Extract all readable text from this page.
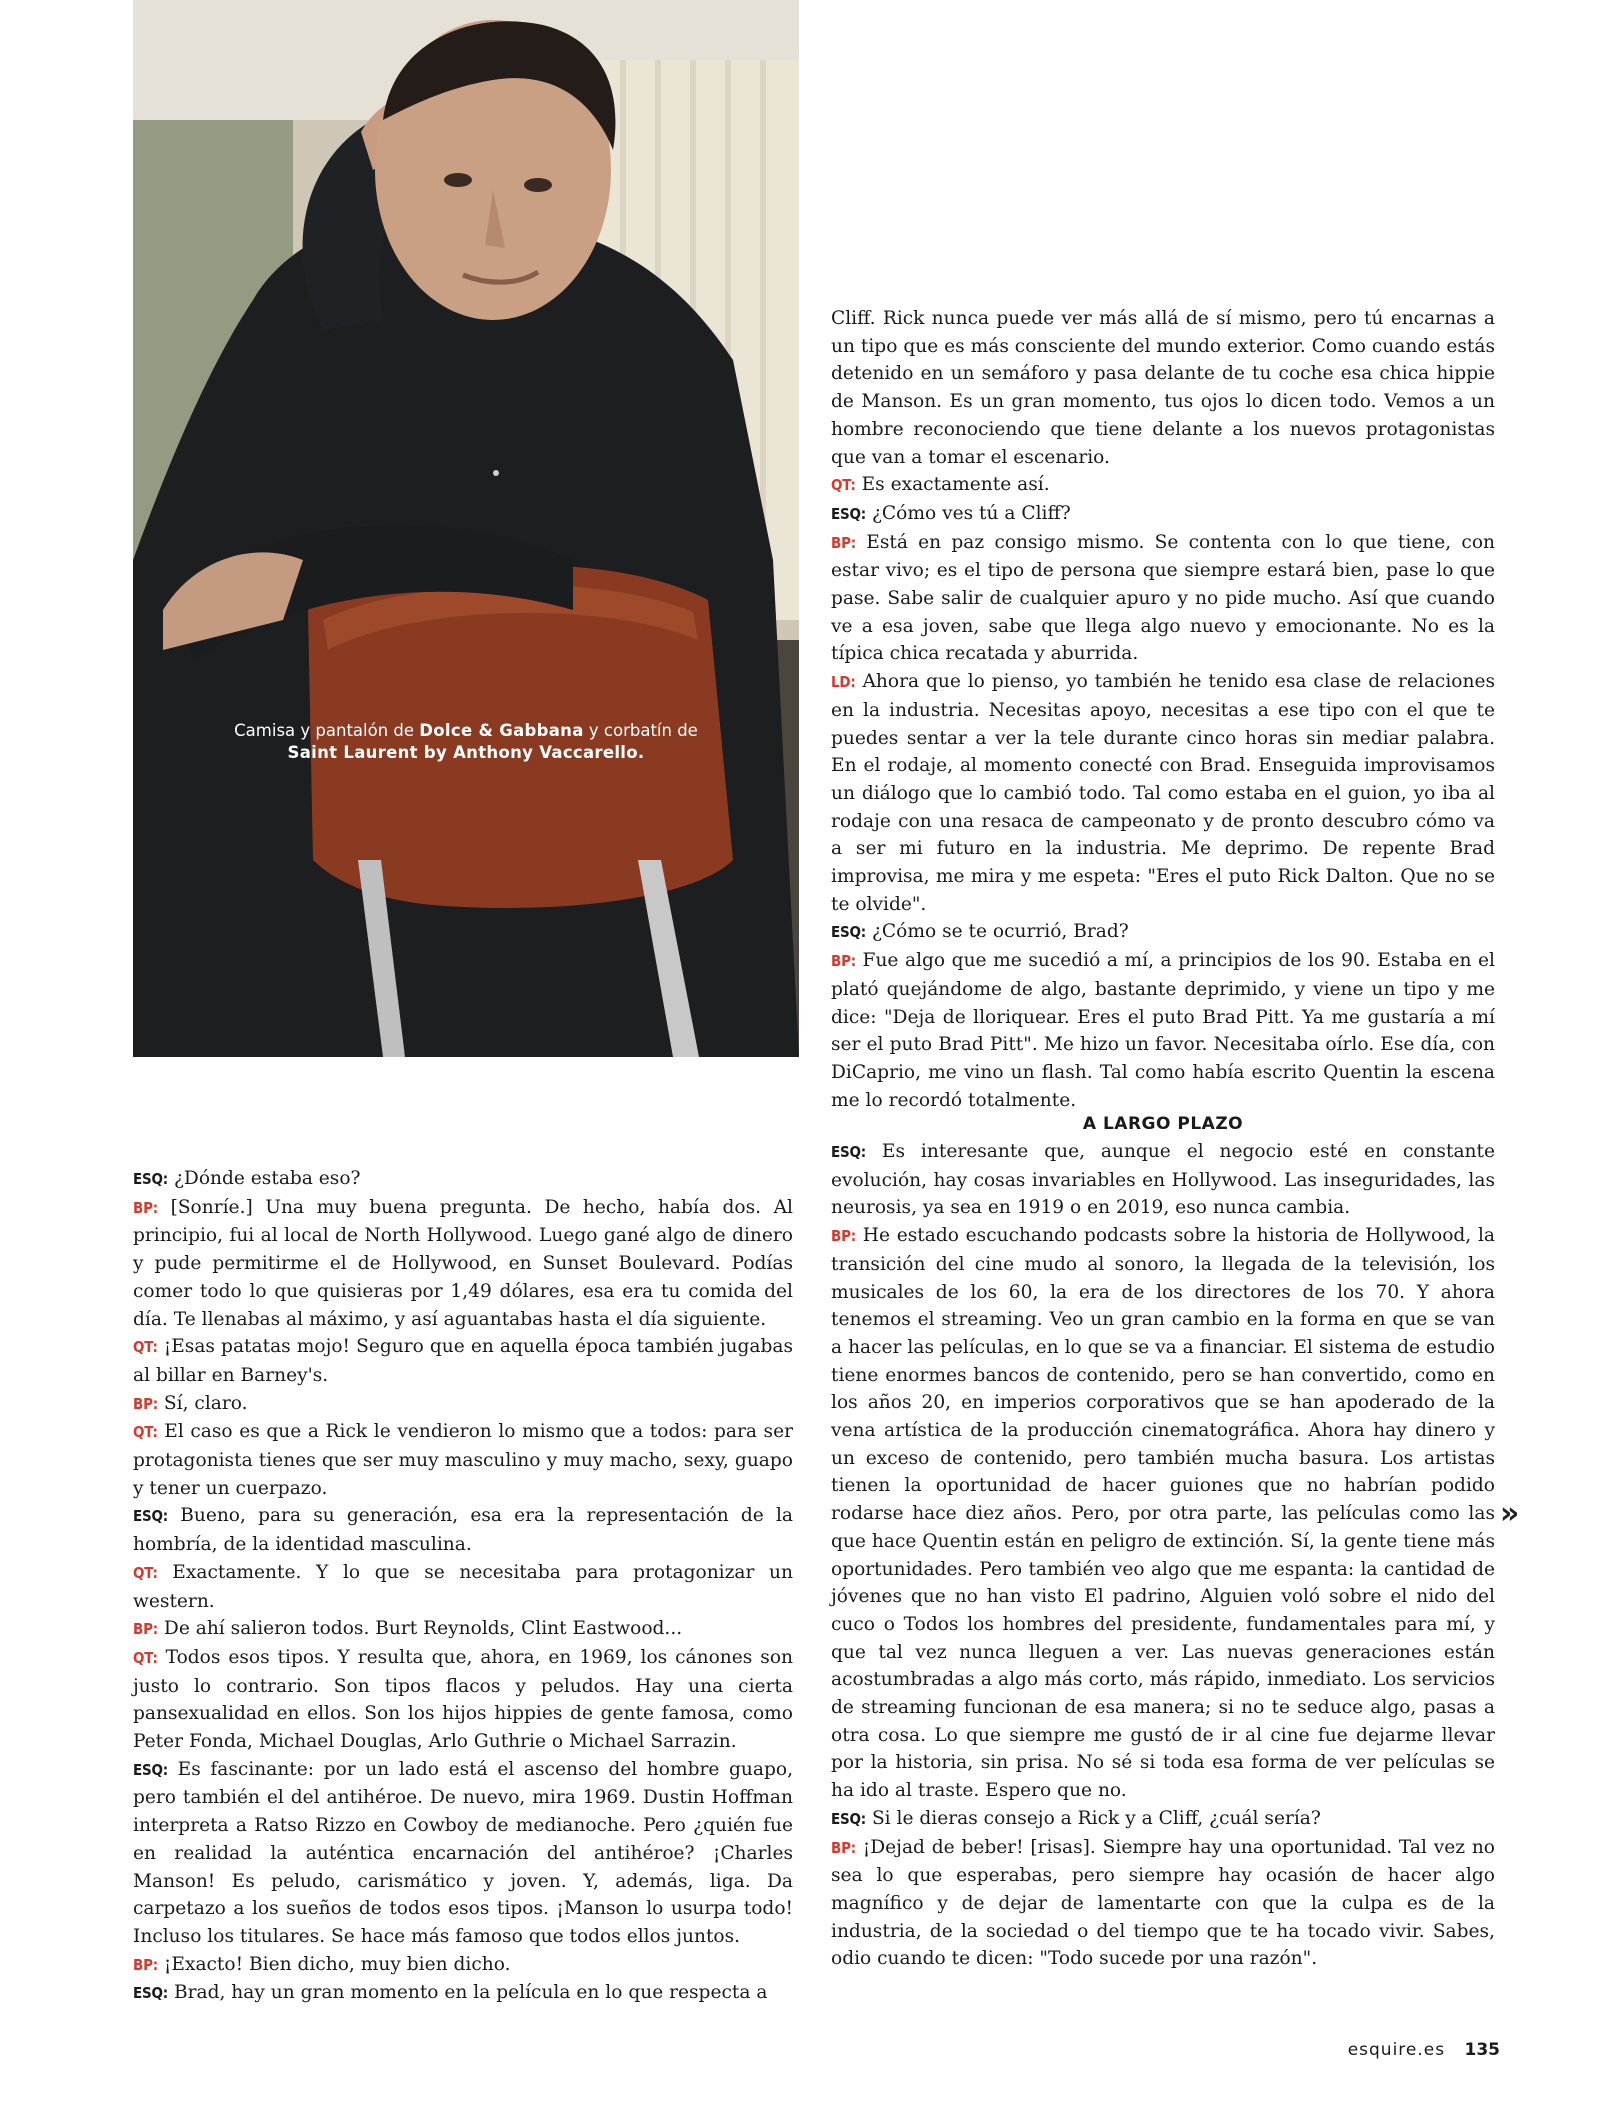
Camisa y pantalón de Dolce & Gabbana y corbatín de
Saint Laurent by Anthony Vaccarello.

ESQ: ¿Dónde estaba eso?

BP: [Sonríe.] Una muy buena pregunta. De hecho, había dos. Al principio, fui al local de North Hollywood. Luego gané algo de dinero y pude permitirme el de Hollywood, en Sunset Boulevard. Podías comer todo lo que quisieras por 1,49 dólares, esa era tu comida del día. Te llenabas al máximo, y así aguantabas hasta el día siguiente.

QT: ¡Esas patatas mojo! Seguro que en aquella época también jugabas al billar en Barney's.

BP: Sí, claro.

QT: El caso es que a Rick le vendieron lo mismo que a todos: para ser protagonista tienes que ser muy masculino y muy macho, sexy, guapo y tener un cuerpazo.

ESQ: Bueno, para su generación, esa era la representación de la hombría, de la identidad masculina.

QT: Exactamente. Y lo que se necesitaba para protagonizar un western.

BP: De ahí salieron todos. Burt Reynolds, Clint Eastwood...

QT: Todos esos tipos. Y resulta que, ahora, en 1969, los cánones son justo lo contrario. Son tipos flacos y peludos. Hay una cierta pansexualidad en ellos. Son los hijos hippies de gente famosa, como Peter Fonda, Michael Douglas, Arlo Guthrie o Michael Sarrazin.

ESQ: Es fascinante: por un lado está el ascenso del hombre guapo, pero también el del antihéroe. De nuevo, mira 1969. Dustin Hoffman interpreta a Ratso Rizzo en Cowboy de medianoche. Pero ¿quién fue en realidad la auténtica encarnación del antihéroe? ¡Charles Manson! Es peludo, carismático y joven. Y, además, liga. Da carpetazo a los sueños de todos esos tipos. ¡Manson lo usurpa todo! Incluso los titulares. Se hace más famoso que todos ellos juntos.

BP: ¡Exacto! Bien dicho, muy bien dicho.

ESQ: Brad, hay un gran momento en la película en lo que respecta a

Cliff. Rick nunca puede ver más allá de sí mismo, pero tú encarnas a un tipo que es más consciente del mundo exterior. Como cuando estás detenido en un semáforo y pasa delante de tu coche esa chica hippie de Manson. Es un gran momento, tus ojos lo dicen todo. Vemos a un hombre reconociendo que tiene delante a los nuevos protagonistas que van a tomar el escenario.

QT: Es exactamente así.

ESQ: ¿Cómo ves tú a Cliff?

BP: Está en paz consigo mismo. Se contenta con lo que tiene, con estar vivo; es el tipo de persona que siempre estará bien, pase lo que pase. Sabe salir de cualquier apuro y no pide mucho. Así que cuando ve a esa joven, sabe que llega algo nuevo y emocionante. No es la típica chica recatada y aburrida.

LD: Ahora que lo pienso, yo también he tenido esa clase de relaciones en la industria. Necesitas apoyo, necesitas a ese tipo con el que te puedes sentar a ver la tele durante cinco horas sin mediar palabra. En el rodaje, al momento conecté con Brad. Enseguida improvisamos un diálogo que lo cambió todo. Tal como estaba en el guion, yo iba al rodaje con una resaca de campeonato y de pronto descubro cómo va a ser mi futuro en la industria. Me deprimo. De repente Brad improvisa, me mira y me espeta: "Eres el puto Rick Dalton. Que no se te olvide".

ESQ: ¿Cómo se te ocurrió, Brad?

BP: Fue algo que me sucedió a mí, a principios de los 90. Estaba en el plató quejándome de algo, bastante deprimido, y viene un tipo y me dice: "Deja de lloriquear. Eres el puto Brad Pitt. Ya me gustaría a mí ser el puto Brad Pitt". Me hizo un favor. Necesitaba oírlo. Ese día, con DiCaprio, me vino un flash. Tal como había escrito Quentin la escena me lo recordó totalmente.

A LARGO PLAZO

ESQ: Es interesante que, aunque el negocio esté en constante evolución, hay cosas invariables en Hollywood. Las inseguridades, las neurosis, ya sea en 1919 o en 2019, eso nunca cambia.

BP: He estado escuchando podcasts sobre la historia de Hollywood, la transición del cine mudo al sonoro, la llegada de la televisión, los musicales de los 60, la era de los directores de los 70. Y ahora tenemos el streaming. Veo un gran cambio en la forma en que se van a hacer las películas, en lo que se va a financiar. El sistema de estudio tiene enormes bancos de contenido, pero se han convertido, como en los años 20, en imperios corporativos que se han apoderado de la vena artística de la producción cinematográfica. Ahora hay dinero y un exceso de contenido, pero también mucha basura. Los artistas tienen la oportunidad de hacer guiones que no habrían podido rodarse hace diez años. Pero, por otra parte, las películas como las que hace Quentin están en peligro de extinción. Sí, la gente tiene más oportunidades. Pero también veo algo que me espanta: la cantidad de jóvenes que no han visto El padrino, Alguien voló sobre el nido del cuco o Todos los hombres del presidente, fundamentales para mí, y que tal vez nunca lleguen a ver. Las nuevas generaciones están acostumbradas a algo más corto, más rápido, inmediato. Los servicios de streaming funcionan de esa manera; si no te seduce algo, pasas a otra cosa. Lo que siempre me gustó de ir al cine fue dejarme llevar por la historia, sin prisa. No sé si toda esa forma de ver películas se ha ido al traste. Espero que no.

ESQ: Si le dieras consejo a Rick y a Cliff, ¿cuál sería?

BP: ¡Dejad de beber! [risas]. Siempre hay una oportunidad. Tal vez no sea lo que esperabas, pero siempre hay ocasión de hacer algo magnífico y de dejar de lamentarte con que la culpa es de la industria, de la sociedad o del tiempo que te ha tocado vivir. Sabes, odio cuando te dicen: "Todo sucede por una razón".

»
esquire.es 135
